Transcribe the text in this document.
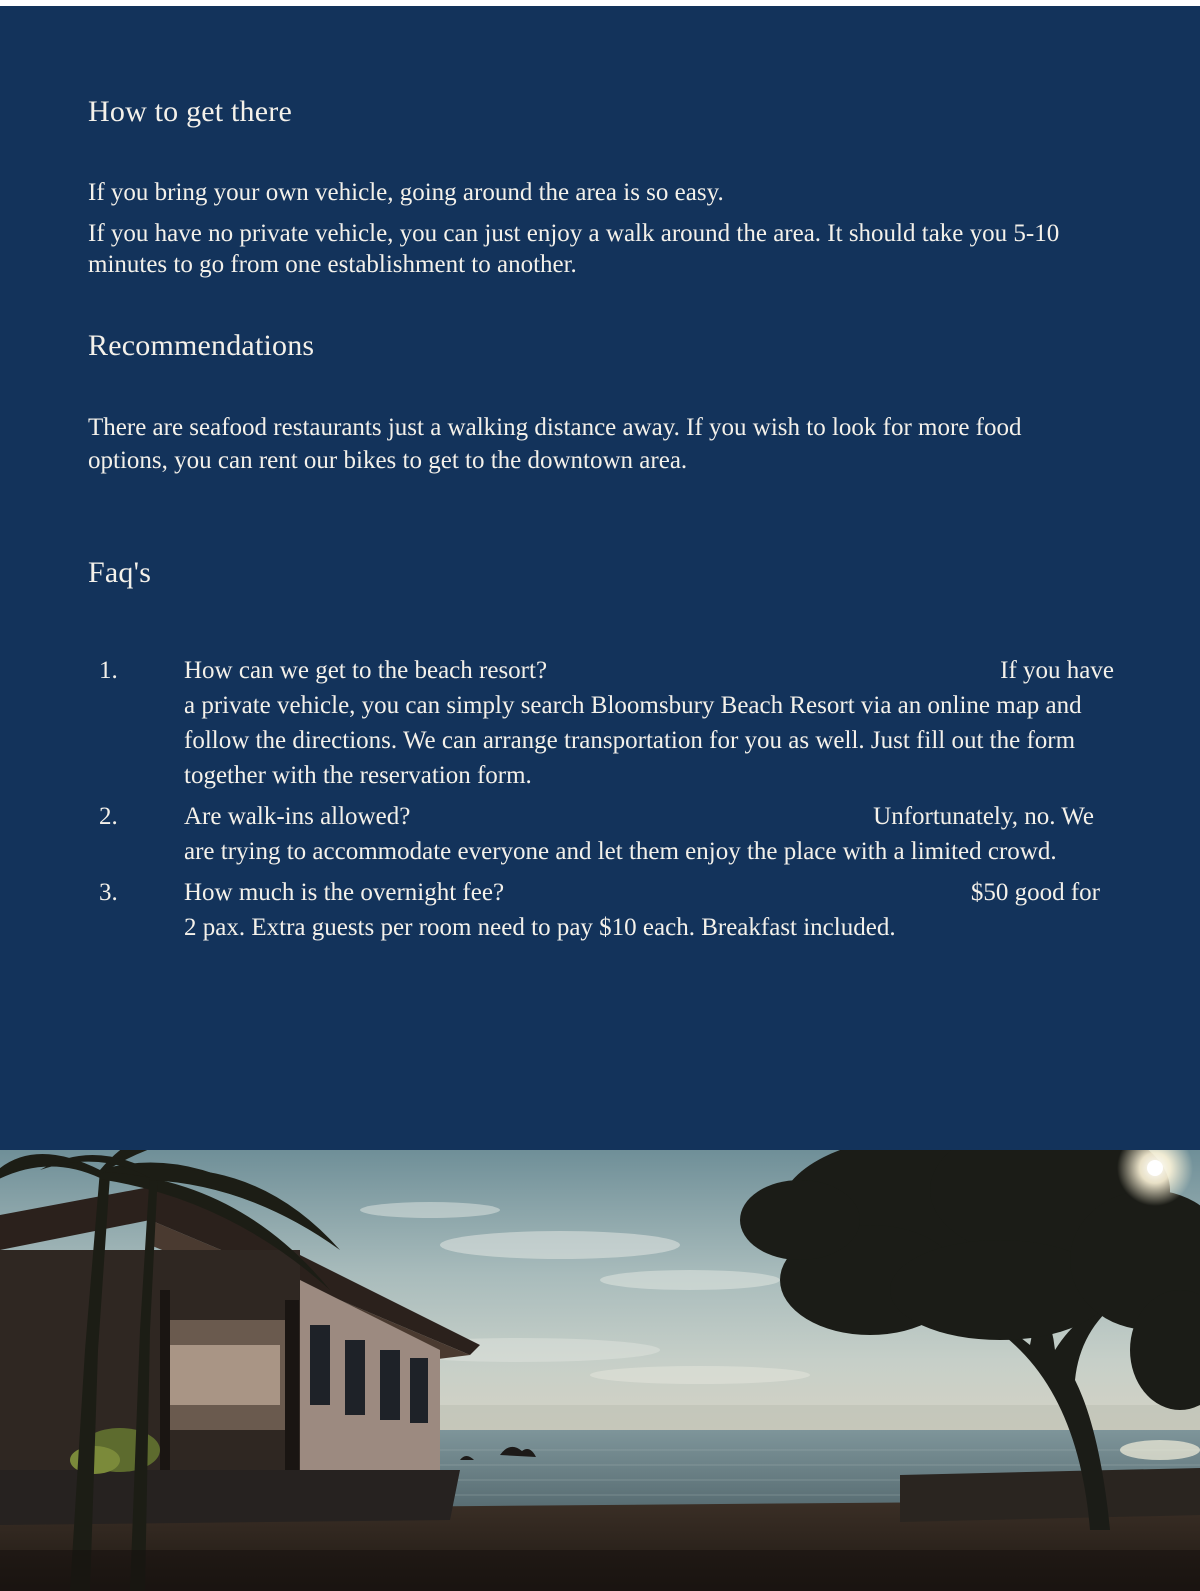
How to get there

If you bring your own vehicle, going around the area is so easy.

If you have no private vehicle, you can just enjoy a walk around the area. It should take you 5-10 minutes to go from one establishment to another.

Recommendations

There are seafood restaurants just a walking distance away. If you wish to look for more food options, you can rent our bikes to get to the downtown area.

Faq's
1.	How can we get to the beach resort?	If you have

a private vehicle, you can simply search Bloomsbury Beach Resort via an online map and follow the directions. We can arrange transportation for you as well. Just fill out the form together with the reservation form.
2.	Are walk-ins allowed?	Unfortunately, no. We

are trying to accommodate everyone and let them enjoy the place with a limited crowd.
3.	How much is the overnight fee?	$50 good for

2 pax. Extra guests per room need to pay $10 each. Breakfast included.
